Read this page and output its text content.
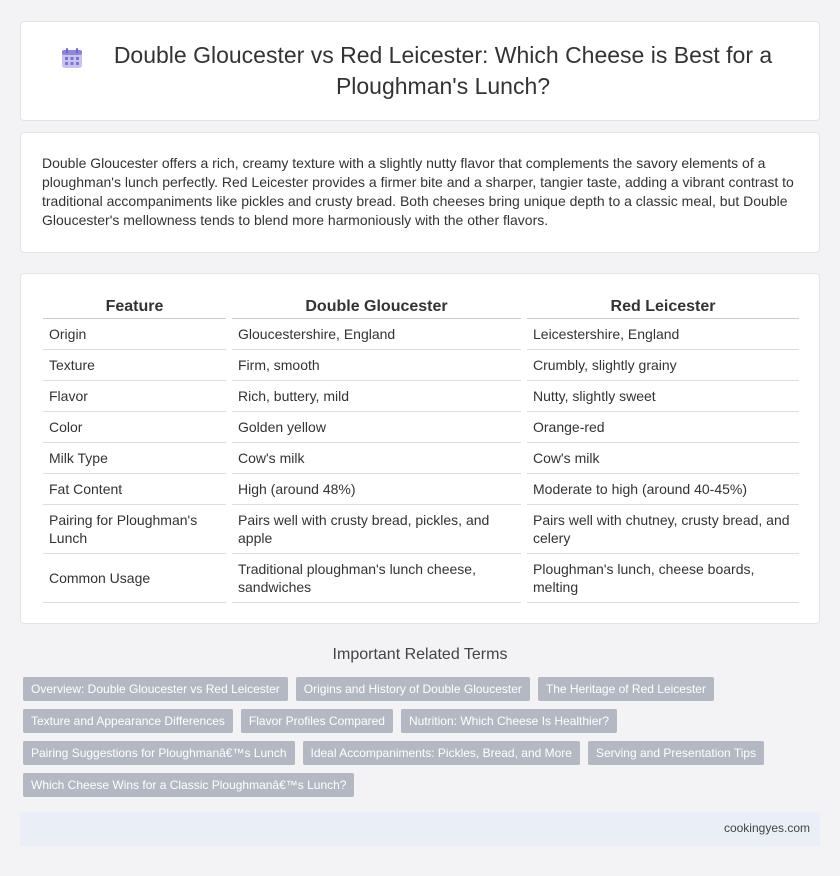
Double Gloucester vs Red Leicester: Which Cheese is Best for a Ploughman's Lunch?

Double Gloucester offers a rich, creamy texture with a slightly nutty flavor that complements the savory elements of a ploughman's lunch perfectly. Red Leicester provides a firmer bite and a sharper, tangier taste, adding a vibrant contrast to traditional accompaniments like pickles and crusty bread. Both cheeses bring unique depth to a classic meal, but Double Gloucester's mellowness tends to blend more harmoniously with the other flavors.

Feature	Double Gloucester	Red Leicester
Origin	Gloucestershire, England	Leicestershire, England
Texture	Firm, smooth	Crumbly, slightly grainy
Flavor	Rich, buttery, mild	Nutty, slightly sweet
Color	Golden yellow	Orange-red
Milk Type	Cow's milk	Cow's milk
Fat Content	High (around 48%)	Moderate to high (around 40-45%)
Pairing for Ploughman's Lunch	Pairs well with crusty bread, pickles, and apple	Pairs well with chutney, crusty bread, and celery
Common Usage	Traditional ploughman's lunch cheese, sandwiches	Ploughman's lunch, cheese boards, melting
Important Related Terms
Overview: Double Gloucester vs Red Leicester	Origins and History of Double Gloucester	The Heritage of Red Leicester
Texture and Appearance Differences	Flavor Profiles Compared	Nutrition: Which Cheese Is Healthier?
Pairing Suggestions for Ploughmanâ€™s Lunch	Ideal Accompaniments: Pickles, Bread, and More	Serving and Presentation Tips
Which Cheese Wins for a Classic Ploughmanâ€™s Lunch?
cookingyes.com
